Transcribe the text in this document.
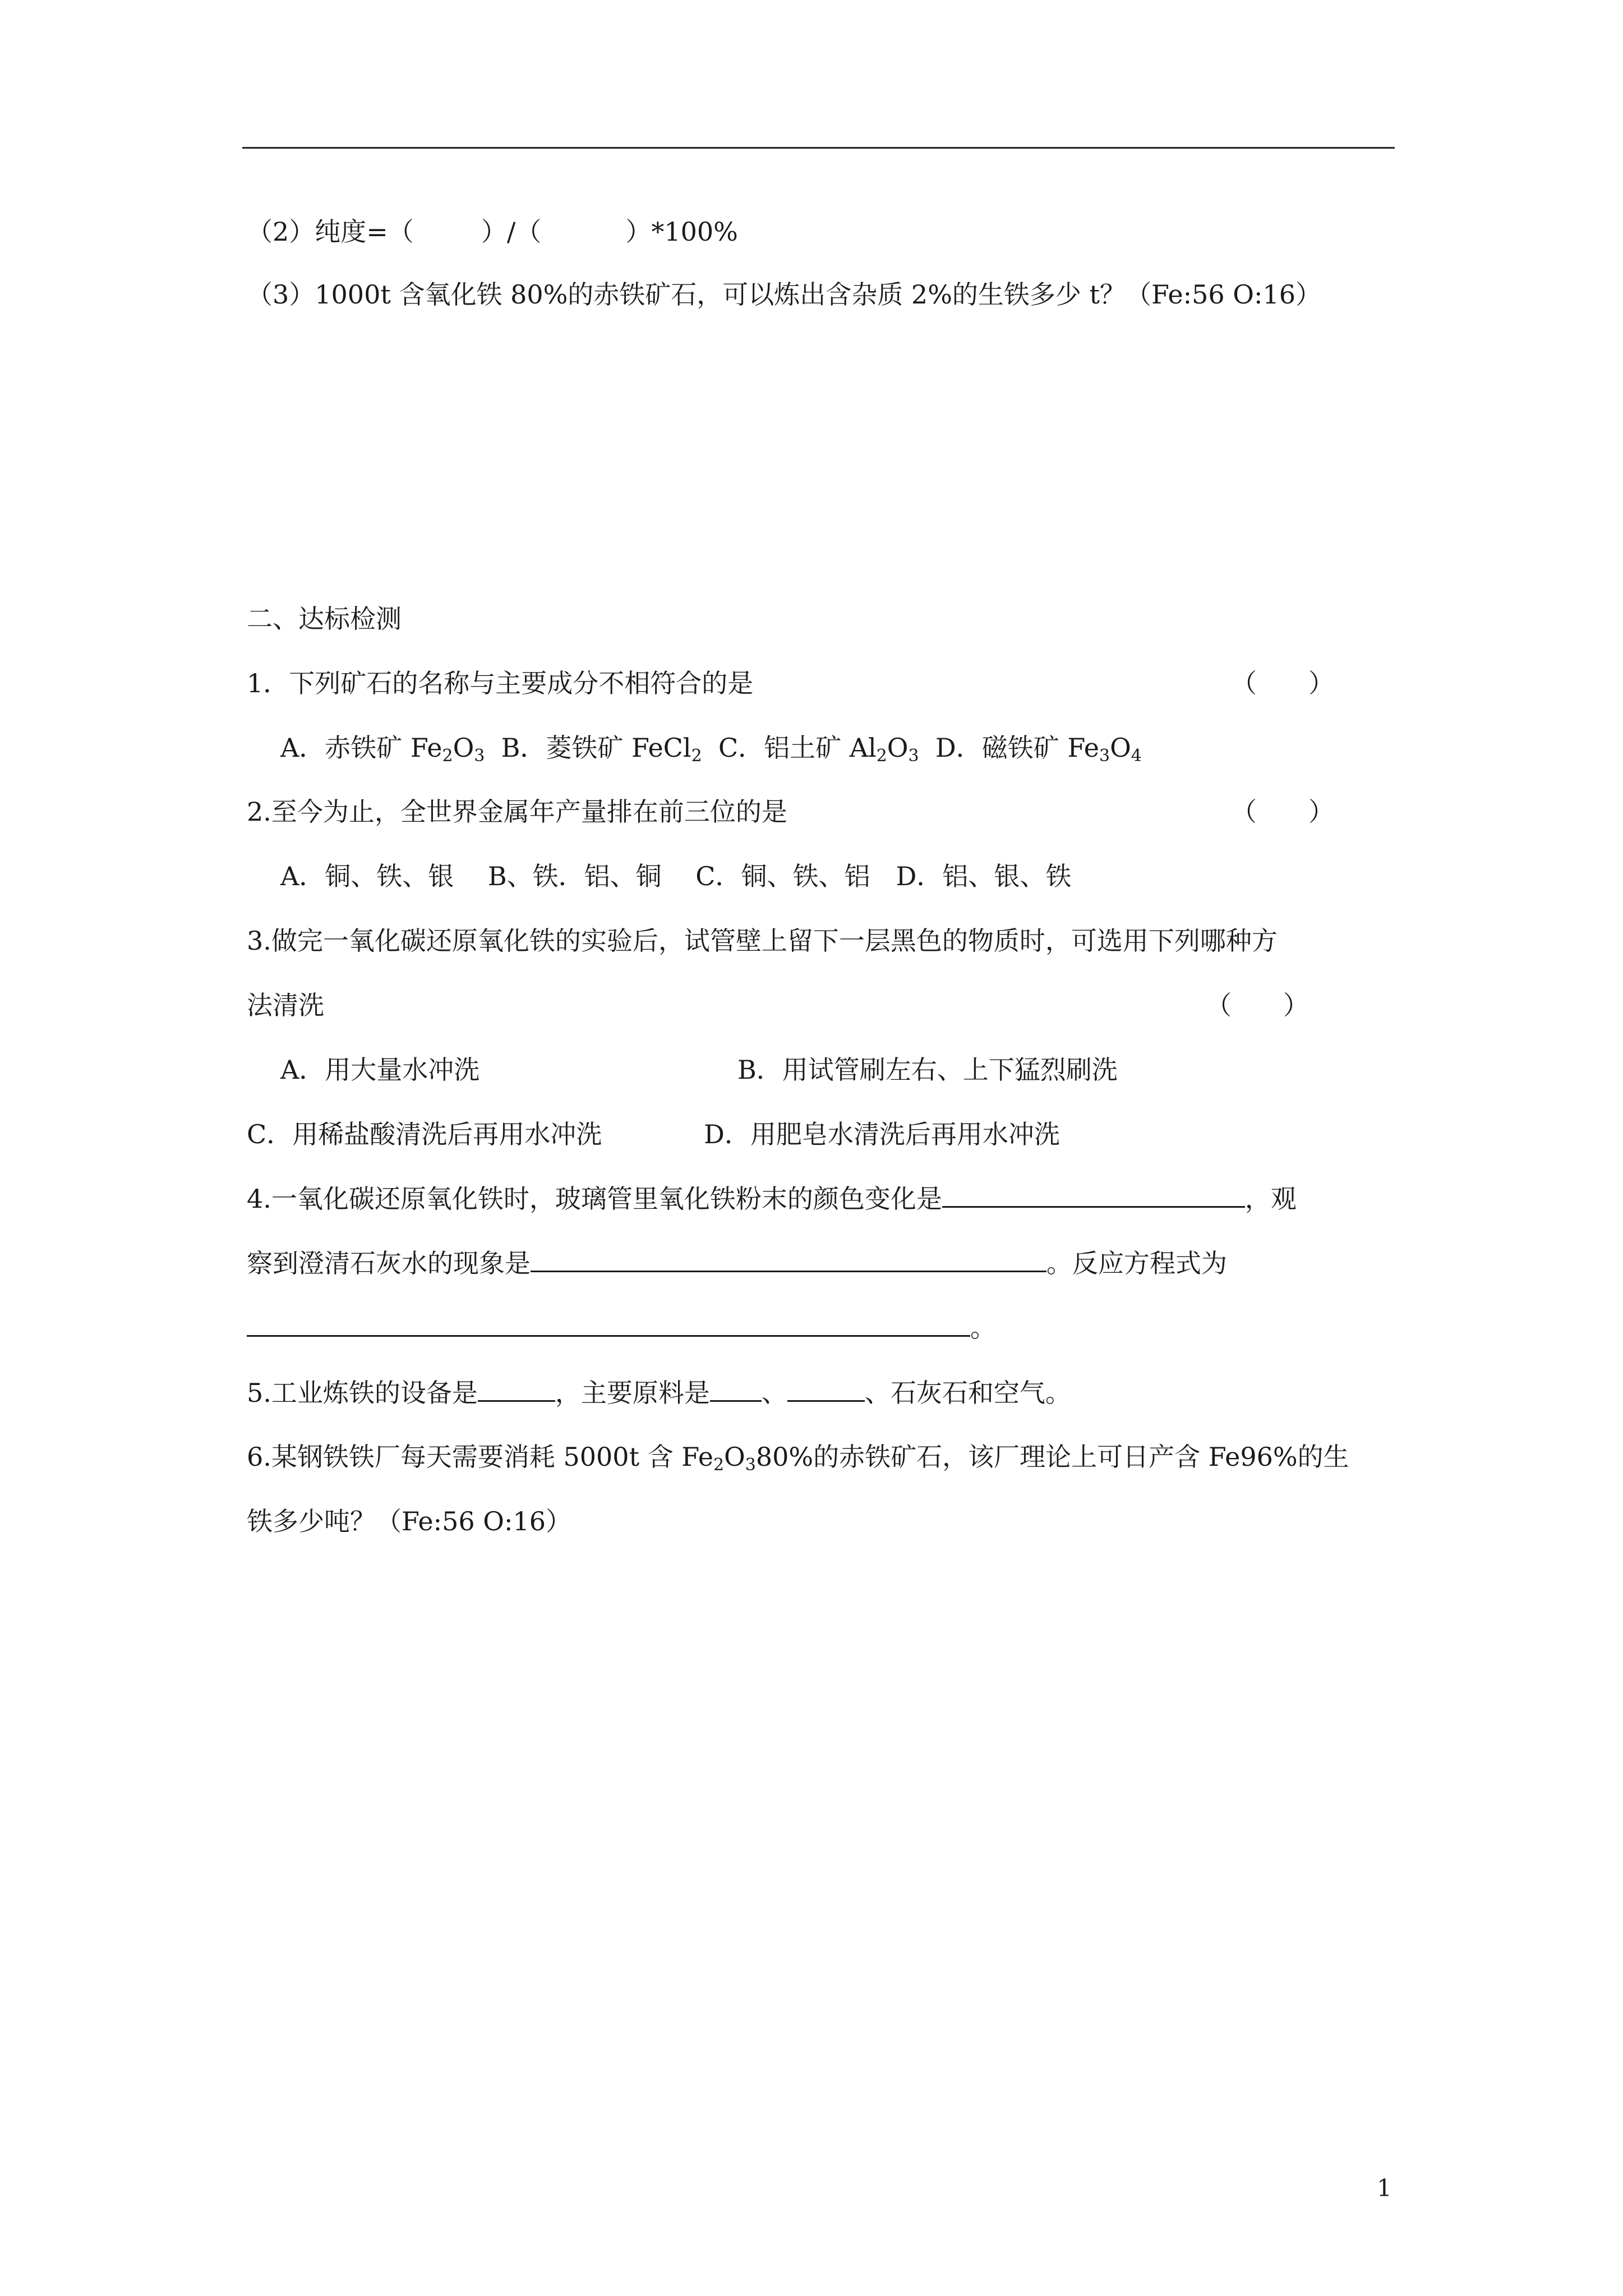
（2）纯度=（	）/（	）*100%
（3）1000t 含氧化铁 80%的赤铁矿石，可以炼出含杂质 2%的生铁多少 t？（Fe:56 O:16）
二、达标检测
1．下列矿石的名称与主要成分不相符合的是	（　　）
A．赤铁矿 $Fe_2O_3$ B．菱铁矿 FeCl$_2$ C．铝土矿 $Al_2O_3$ D．磁铁矿 $Fe_3O_4$
2.至今为止，全世界金属年产量排在前三位的是	（　　）
A．铜、铁、银　 B、铁．铝、铜　 C．铜、铁、铝　D．铝、银、铁
3.做完一氧化碳还原氧化铁的实验后，试管壁上留下一层黑色的物质时，可选用下列哪种方
法清洗	（　　）
A．用大量水冲洗	B．用试管刷左右、上下猛烈刷洗
C．用稀盐酸清洗后再用水冲洗	D．用肥皂水清洗后再用水冲洗
4.一氧化碳还原氧化铁时，玻璃管里氧化铁粉末的颜色变化是	，观
察到澄清石灰水的现象是	。反应方程式为
。
5.工业炼铁的设备是	，主要原料是 、	、石灰石和空气。
6.某钢铁铁厂每天需要消耗 5000t 含 $Fe_2O_380\%$的赤铁矿石，该厂理论上可日产含 Fe96%的生
铁多少吨？（Fe:56 O:16）
1
